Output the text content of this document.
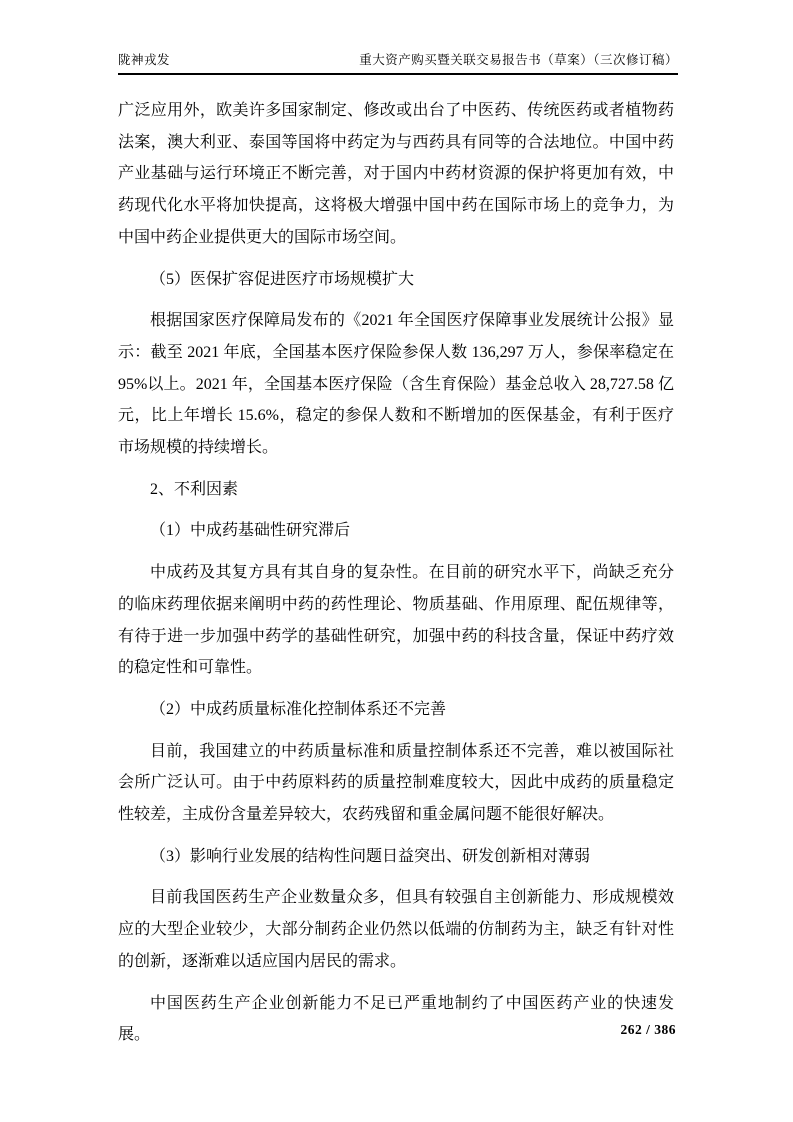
陇神戎发	重大资产购买暨关联交易报告书（草案）（三次修订稿）

广泛应用外，欧美许多国家制定、修改或出台了中医药、传统医药或者植物药法案，澳大利亚、泰国等国将中药定为与西药具有同等的合法地位。中国中药产业基础与运行环境正不断完善，对于国内中药材资源的保护将更加有效，中药现代化水平将加快提高，这将极大增强中国中药在国际市场上的竞争力，为中国中药企业提供更大的国际市场空间。

（5）医保扩容促进医疗市场规模扩大

根据国家医疗保障局发布的《2021 年全国医疗保障事业发展统计公报》显示：截至 2021 年底，全国基本医疗保险参保人数 136,297 万人，参保率稳定在 95%以上。2021 年，全国基本医疗保险（含生育保险）基金总收入 28,727.58 亿元，比上年增长 15.6%，稳定的参保人数和不断增加的医保基金，有利于医疗市场规模的持续增长。

2、不利因素

（1）中成药基础性研究滞后

中成药及其复方具有其自身的复杂性。在目前的研究水平下，尚缺乏充分的临床药理依据来阐明中药的药性理论、物质基础、作用原理、配伍规律等，有待于进一步加强中药学的基础性研究，加强中药的科技含量，保证中药疗效的稳定性和可靠性。

（2）中成药质量标准化控制体系还不完善

目前，我国建立的中药质量标准和质量控制体系还不完善，难以被国际社会所广泛认可。由于中药原料药的质量控制难度较大，因此中成药的质量稳定性较差，主成份含量差异较大，农药残留和重金属问题不能很好解决。

（3）影响行业发展的结构性问题日益突出、研发创新相对薄弱

目前我国医药生产企业数量众多，但具有较强自主创新能力、形成规模效应的大型企业较少，大部分制药企业仍然以低端的仿制药为主，缺乏有针对性的创新，逐渐难以适应国内居民的需求。

中国医药生产企业创新能力不足已严重地制约了中国医药产业的快速发展。	262 / 386
